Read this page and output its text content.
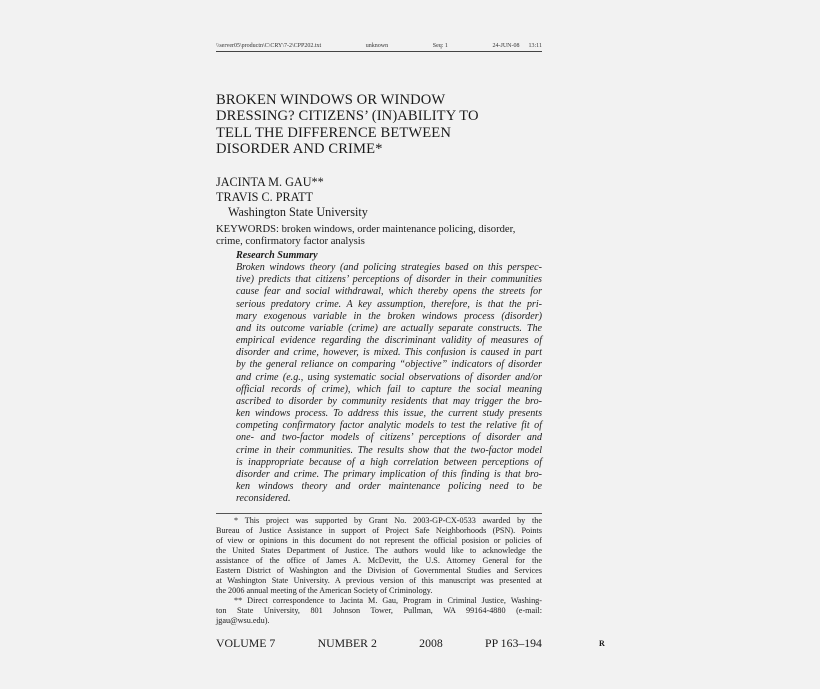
\\server05\productn\C\CRY\7-2\CPP202.txt	unknown	Seq: 1	24-JUN-08 13:11
BROKEN WINDOWS OR WINDOW
DRESSING? CITIZENS’ (IN)ABILITY TO
TELL THE DIFFERENCE BETWEEN
DISORDER AND CRIME*
JACINTA M. GAU**
TRAVIS C. PRATT
Washington State University
KEYWORDS: broken windows, order maintenance policing, disorder,
crime, confirmatory factor analysis
Research Summary
Broken windows theory (and policing strategies based on this perspec-
tive) predicts that citizens’ perceptions of disorder in their communities
cause fear and social withdrawal, which thereby opens the streets for
serious predatory crime. A key assumption, therefore, is that the pri-
mary exogenous variable in the broken windows process (disorder)
and its outcome variable (crime) are actually separate constructs. The
empirical evidence regarding the discriminant validity of measures of
disorder and crime, however, is mixed. This confusion is caused in part
by the general reliance on comparing “objective” indicators of disorder
and crime (e.g., using systematic social observations of disorder and/or
official records of crime), which fail to capture the social meaning
ascribed to disorder by community residents that may trigger the bro-
ken windows process. To address this issue, the current study presents
competing confirmatory factor analytic models to test the relative fit of
one- and two-factor models of citizens’ perceptions of disorder and
crime in their communities. The results show that the two-factor model
is inappropriate because of a high correlation between perceptions of
disorder and crime. The primary implication of this finding is that bro-
ken windows theory and order maintenance policing need to be
reconsidered.
* This project was supported by Grant No. 2003-GP-CX-0533 awarded by the
Bureau of Justice Assistance in support of Project Safe Neighborhoods (PSN). Points
of view or opinions in this document do not represent the official posision or policies of
the United States Department of Justice. The authors would like to acknowledge the
assistance of the office of James A. McDevitt, the U.S. Attorney General for the
Eastern District of Washington and the Division of Governmental Studies and Services
at Washington State University. A previous version of this manuscript was presented at
the 2006 annual meeting of the American Society of Criminology.
** Direct correspondence to Jacinta M. Gau, Program in Criminal Justice, Washing-
ton State University, 801 Johnson Tower, Pullman, WA 99164-4880 (e-mail:
jgau@wsu.edu).
VOLUME 7	NUMBER 2	2008	PP 163–194	R
